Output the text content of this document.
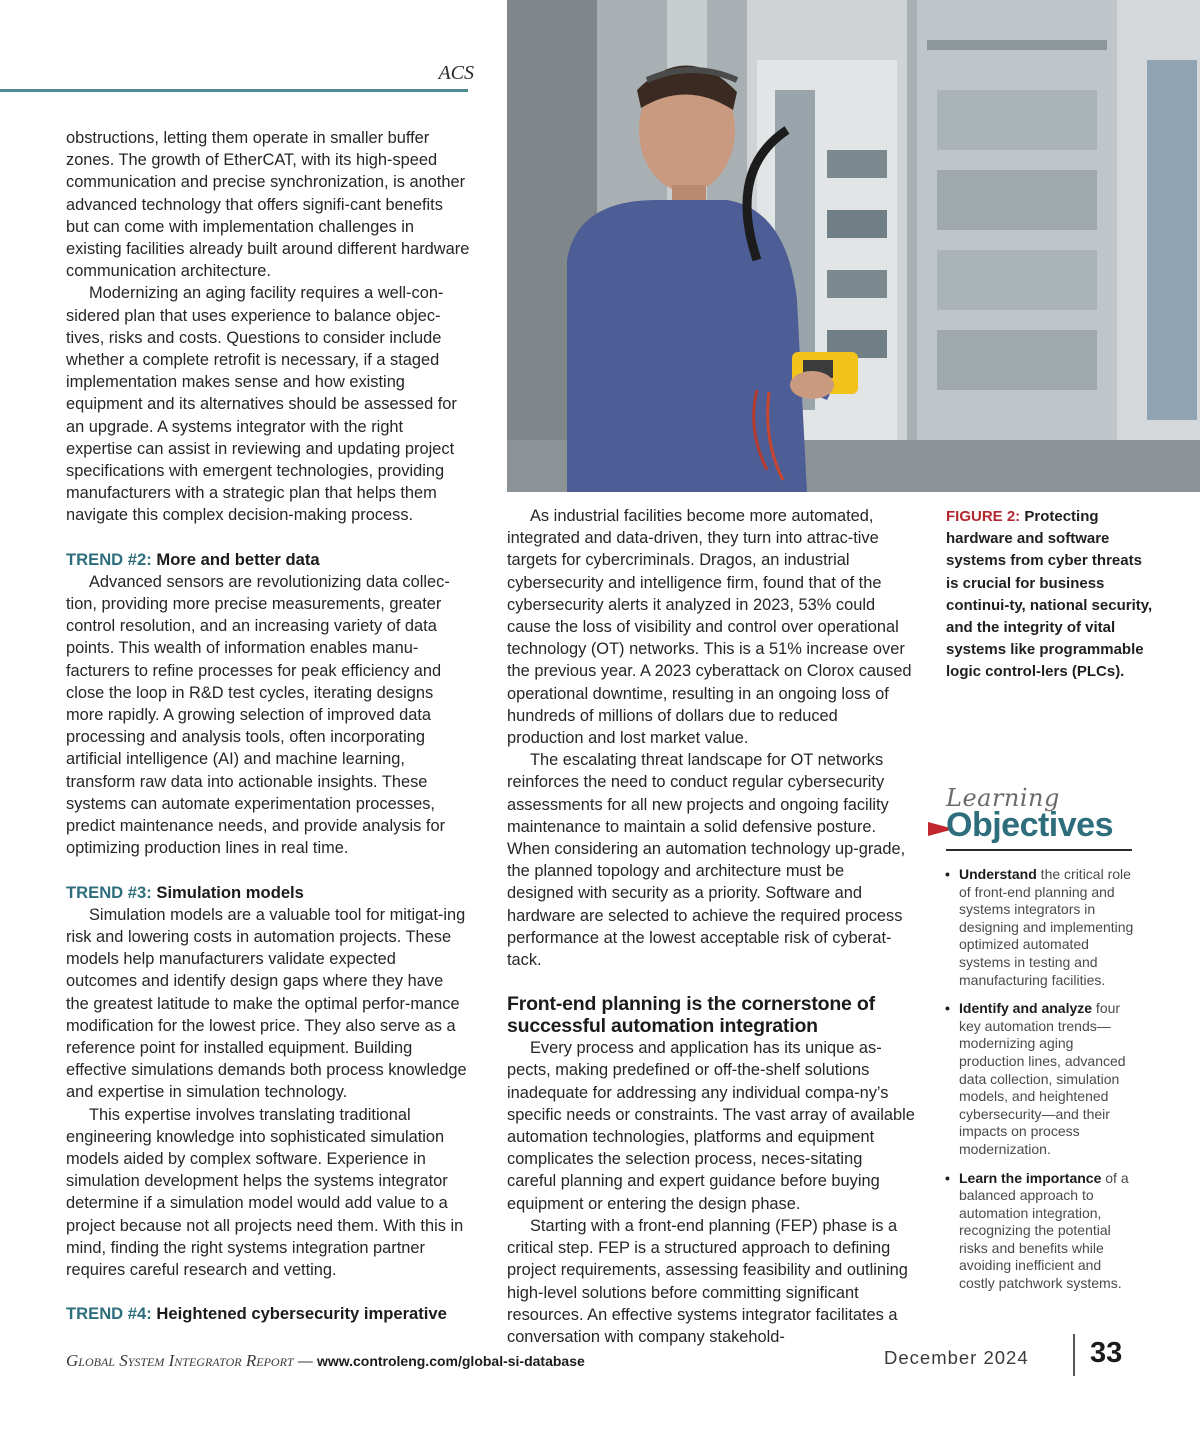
ACS

obstructions, letting them operate in smaller buffer zones. The growth of EtherCAT, with its high-speed communication and precise synchronization, is another advanced technology that offers signifi-cant benefits but can come with implementation challenges in existing facilities already built around different hardware communication architecture.

Modernizing an aging facility requires a well-con-sidered plan that uses experience to balance objec-tives, risks and costs. Questions to consider include whether a complete retrofit is necessary, if a staged implementation makes sense and how existing equipment and its alternatives should be assessed for an upgrade. A systems integrator with the right expertise can assist in reviewing and updating project specifications with emergent technologies, providing manufacturers with a strategic plan that helps them navigate this complex decision-making process.

TREND #2: More and better data

Advanced sensors are revolutionizing data collec-tion, providing more precise measurements, greater control resolution, and an increasing variety of data points. This wealth of information enables manu-facturers to refine processes for peak efficiency and close the loop in R&D test cycles, iterating designs more rapidly. A growing selection of improved data processing and analysis tools, often incorporating artificial intelligence (AI) and machine learning, transform raw data into actionable insights. These systems can automate experimentation processes, predict maintenance needs, and provide analysis for optimizing production lines in real time.

TREND #3: Simulation models

Simulation models are a valuable tool for mitigat-ing risk and lowering costs in automation projects. These models help manufacturers validate expected outcomes and identify design gaps where they have the greatest latitude to make the optimal perfor-mance modification for the lowest price. They also serve as a reference point for installed equipment. Building effective simulations demands both process knowledge and expertise in simulation technology.

This expertise involves translating traditional engineering knowledge into sophisticated simulation models aided by complex software. Experience in simulation development helps the systems integrator determine if a simulation model would add value to a project because not all projects need them. With this in mind, finding the right systems integration partner requires careful research and vetting.

TREND #4: Heightened cybersecurity imperative

As industrial facilities become more automated, integrated and data-driven, they turn into attrac-tive targets for cybercriminals. Dragos, an industrial cybersecurity and intelligence firm, found that of the cybersecurity alerts it analyzed in 2023, 53% could cause the loss of visibility and control over operational technology (OT) networks. This is a 51% increase over the previous year. A 2023 cyberattack on Clorox caused operational downtime, resulting in an ongoing loss of hundreds of millions of dollars due to reduced production and lost market value.

The escalating threat landscape for OT networks reinforces the need to conduct regular cybersecurity assessments for all new projects and ongoing facility maintenance to maintain a solid defensive posture. When considering an automation technology up-grade, the planned topology and architecture must be designed with security as a priority. Software and hardware are selected to achieve the required process performance at the lowest acceptable risk of cyberat-tack.

Front-end planning is the cornerstone of successful automation integration

Every process and application has its unique as-pects, making predefined or off-the-shelf solutions inadequate for addressing any individual compa-ny’s specific needs or constraints. The vast array of available automation technologies, platforms and equipment complicates the selection process, neces-sitating careful planning and expert guidance before buying equipment or entering the design phase.

Starting with a front-end planning (FEP) phase is a critical step. FEP is a structured approach to defining project requirements, assessing feasibility and outlining high-level solutions before committing significant resources. An effective systems integrator facilitates a conversation with company stakehold-

FIGURE 2: Protecting hardware and software systems from cyber threats is crucial for business continui-ty, national security, and the integrity of vital systems like programmable logic control-lers (PLCs).
Learning
Objectives
• Understand the critical role of front-end planning and systems integrators in designing and implementing optimized automated systems in testing and manufacturing facilities.
• Identify and analyze four key automation trends—modernizing aging production lines, advanced data collection, simulation models, and heightened cybersecurity—and their impacts on process modernization.
• Learn the importance of a balanced approach to automation integration, recognizing the potential risks and benefits while avoiding inefficient and costly patchwork systems.
Global System Integrator Report — www.controleng.com/global-si-database	December 2024 33
